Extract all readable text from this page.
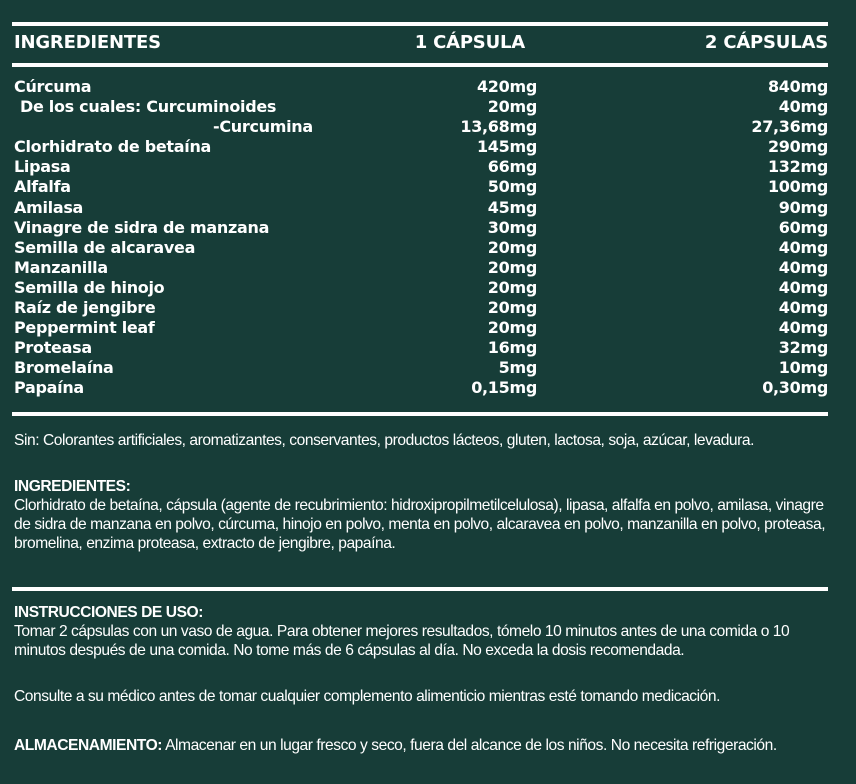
INGREDIENTES	1 CÁPSULA	2 CÁPSULAS
Cúrcuma	420mg	840mg
De los cuales: Curcuminoides	20mg	40mg
-Curcumina	13,68mg	27,36mg
Clorhidrato de betaína	145mg	290mg
Lipasa	66mg	132mg
Alfalfa	50mg	100mg
Amilasa	45mg	90mg
Vinagre de sidra de manzana	30mg	60mg
Semilla de alcaravea	20mg	40mg
Manzanilla	20mg	40mg
Semilla de hinojo	20mg	40mg
Raíz de jengibre	20mg	40mg
Peppermint leaf	20mg	40mg
Proteasa	16mg	32mg
Bromelaína	5mg	10mg
Papaína	0,15mg	0,30mg
Sin: Colorantes artificiales, aromatizantes, conservantes, productos lácteos, gluten, lactosa, soja, azúcar, levadura.
INGREDIENTES:
Clorhidrato de betaína, cápsula (agente de recubrimiento: hidroxipropilmetilcelulosa), lipasa, alfalfa en polvo, amilasa, vinagre de sidra de manzana en polvo, cúrcuma, hinojo en polvo, menta en polvo, alcaravea en polvo, manzanilla en polvo, proteasa, bromelina, enzima proteasa, extracto de jengibre, papaína.
INSTRUCCIONES DE USO:
Tomar 2 cápsulas con un vaso de agua. Para obtener mejores resultados, tómelo 10 minutos antes de una comida o 10 minutos después de una comida. No tome más de 6 cápsulas al día. No exceda la dosis recomendada.
Consulte a su médico antes de tomar cualquier complemento alimenticio mientras esté tomando medicación.
ALMACENAMIENTO: Almacenar en un lugar fresco y seco, fuera del alcance de los niños. No necesita refrigeración.
